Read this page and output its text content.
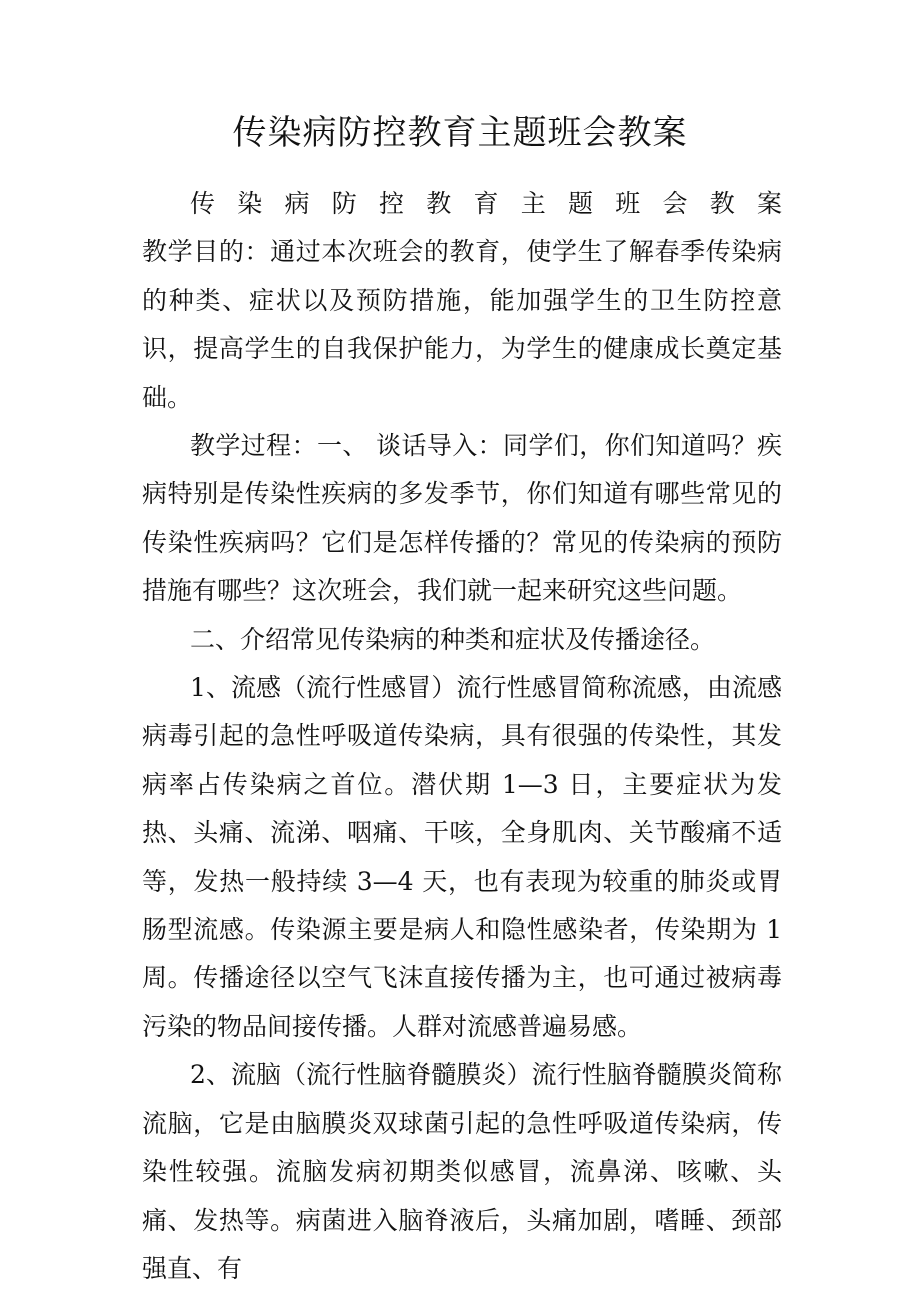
传染病防控教育主题班会教案
传 染 病 防 控 教 育 主 题 班 会 教 案

教学目的：通过本次班会的教育，使学生了解春季传染病的种类、症状以及预防措施，能加强学生的卫生防控意识，提高学生的自我保护能力，为学生的健康成长奠定基础。

教学过程：一、 谈话导入：同学们，你们知道吗？疾病特别是传染性疾病的多发季节，你们知道有哪些常见的传染性疾病吗？它们是怎样传播的？常见的传染病的预防措施有哪些？这次班会，我们就一起来研究这些问题。

二、介绍常见传染病的种类和症状及传播途径。

1、流感（流行性感冒）流行性感冒简称流感，由流感病毒引起的急性呼吸道传染病，具有很强的传染性，其发病率占传染病之首位。潜伏期 1—3 日，主要症状为发热、头痛、流涕、咽痛、干咳，全身肌肉、关节酸痛不适等，发热一般持续 3—4 天，也有表现为较重的肺炎或胃肠型流感。传染源主要是病人和隐性感染者，传染期为 1 周。传播途径以空气飞沫直接传播为主，也可通过被病毒污染的物品间接传播。人群对流感普遍易感。

2、流脑（流行性脑脊髓膜炎）流行性脑脊髓膜炎简称流脑，它是由脑膜炎双球菌引起的急性呼吸道传染病，传染性较强。流脑发病初期类似感冒，流鼻涕、咳嗽、头痛、发热等。病菌进入脑脊液后，头痛加剧，嗜睡、颈部强直、有
